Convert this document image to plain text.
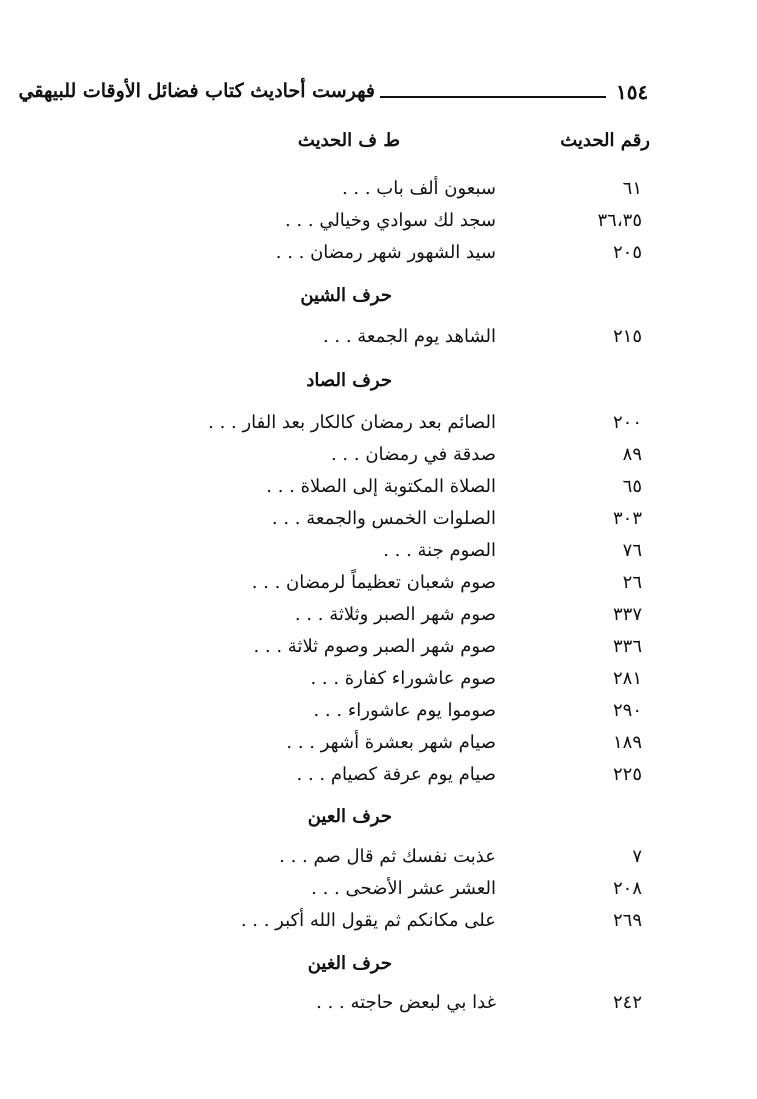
١٥٤
فهرست أحاديث كتاب فضائل الأوقات للبيهقي
رقم الحديث
ط ف الحديث
٦١
سبعون ألف باب . . .
٣٦،٣٥
سجد لك سوادي وخيالي . . .
٢٠٥
سيد الشهور شهر رمضان . . .
حرف الشين
٢١٥
الشاهد يوم الجمعة . . .
حرف الصاد
٢٠٠
الصائم بعد رمضان كالكار بعد الفار . . .
٨٩
صدقة في رمضان . . .
٦٥
الصلاة المكتوبة إلى الصلاة . . .
٣٠٣
الصلوات الخمس والجمعة . . .
٧٦
الصوم جنة . . .
٢٦
صوم شعبان تعظيماً لرمضان . . .
٣٣٧
صوم شهر الصبر وثلاثة . . .
٣٣٦
صوم شهر الصبر وصوم ثلاثة . . .
٢٨١
صوم عاشوراء كفارة . . .
٢٩٠
صوموا يوم عاشوراء . . .
١٨٩
صيام شهر بعشرة أشهر . . .
٢٢٥
صيام يوم عرفة كصيام . . .
حرف العين
٧
عذبت نفسك ثم قال صم . . .
٢٠٨
العشر عشر الأضحى . . .
٢٦٩
على مكانكم ثم يقول الله أكبر . . .
حرف الغين
٢٤٢
غدا بي لبعض حاجته . . .
